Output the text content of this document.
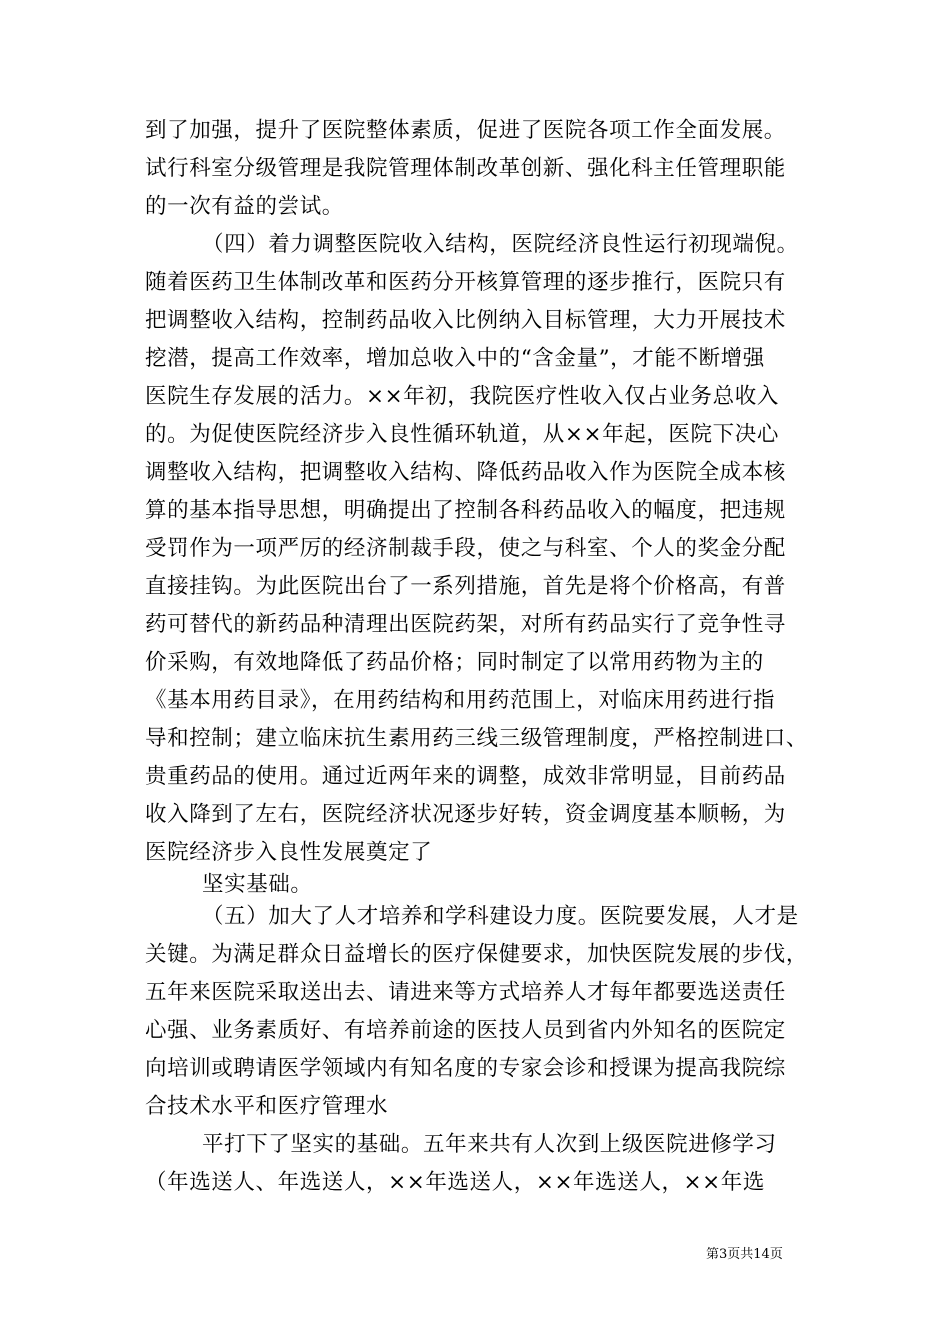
到了加强，提升了医院整体素质，促进了医院各项工作全面发展。
试行科室分级管理是我院管理体制改革创新、强化科主任管理职能
的一次有益的尝试。
（四）着力调整医院收入结构，医院经济良性运行初现端倪。
随着医药卫生体制改革和医药分开核算管理的逐步推行，医院只有
把调整收入结构，控制药品收入比例纳入目标管理，大力开展技术
挖潜，提高工作效率，增加总收入中的“含金量”，才能不断增强
医院生存发展的活力。××年初，我院医疗性收入仅占业务总收入
的。为促使医院经济步入良性循环轨道，从××年起，医院下决心
调整收入结构，把调整收入结构、降低药品收入作为医院全成本核
算的基本指导思想，明确提出了控制各科药品收入的幅度，把违规
受罚作为一项严厉的经济制裁手段，使之与科室、个人的奖金分配
直接挂钩。为此医院出台了一系列措施，首先是将个价格高，有普
药可替代的新药品种清理出医院药架，对所有药品实行了竞争性寻
价采购，有效地降低了药品价格；同时制定了以常用药物为主的
《基本用药目录》，在用药结构和用药范围上，对临床用药进行指
导和控制；建立临床抗生素用药三线三级管理制度，严格控制进口、
贵重药品的使用。通过近两年来的调整，成效非常明显，目前药品
收入降到了左右，医院经济状况逐步好转，资金调度基本顺畅，为
医院经济步入良性发展奠定了
坚实基础。
（五）加大了人才培养和学科建设力度。医院要发展，人才是
关键。为满足群众日益增长的医疗保健要求，加快医院发展的步伐，
五年来医院采取送出去、请进来等方式培养人才每年都要选送责任
心强、业务素质好、有培养前途的医技人员到省内外知名的医院定
向培训或聘请医学领域内有知名度的专家会诊和授课为提高我院综
合技术水平和医疗管理水
平打下了坚实的基础。五年来共有人次到上级医院进修学习
（年选送人、年选送人，××年选送人，××年选送人，××年选
第3页共14页
